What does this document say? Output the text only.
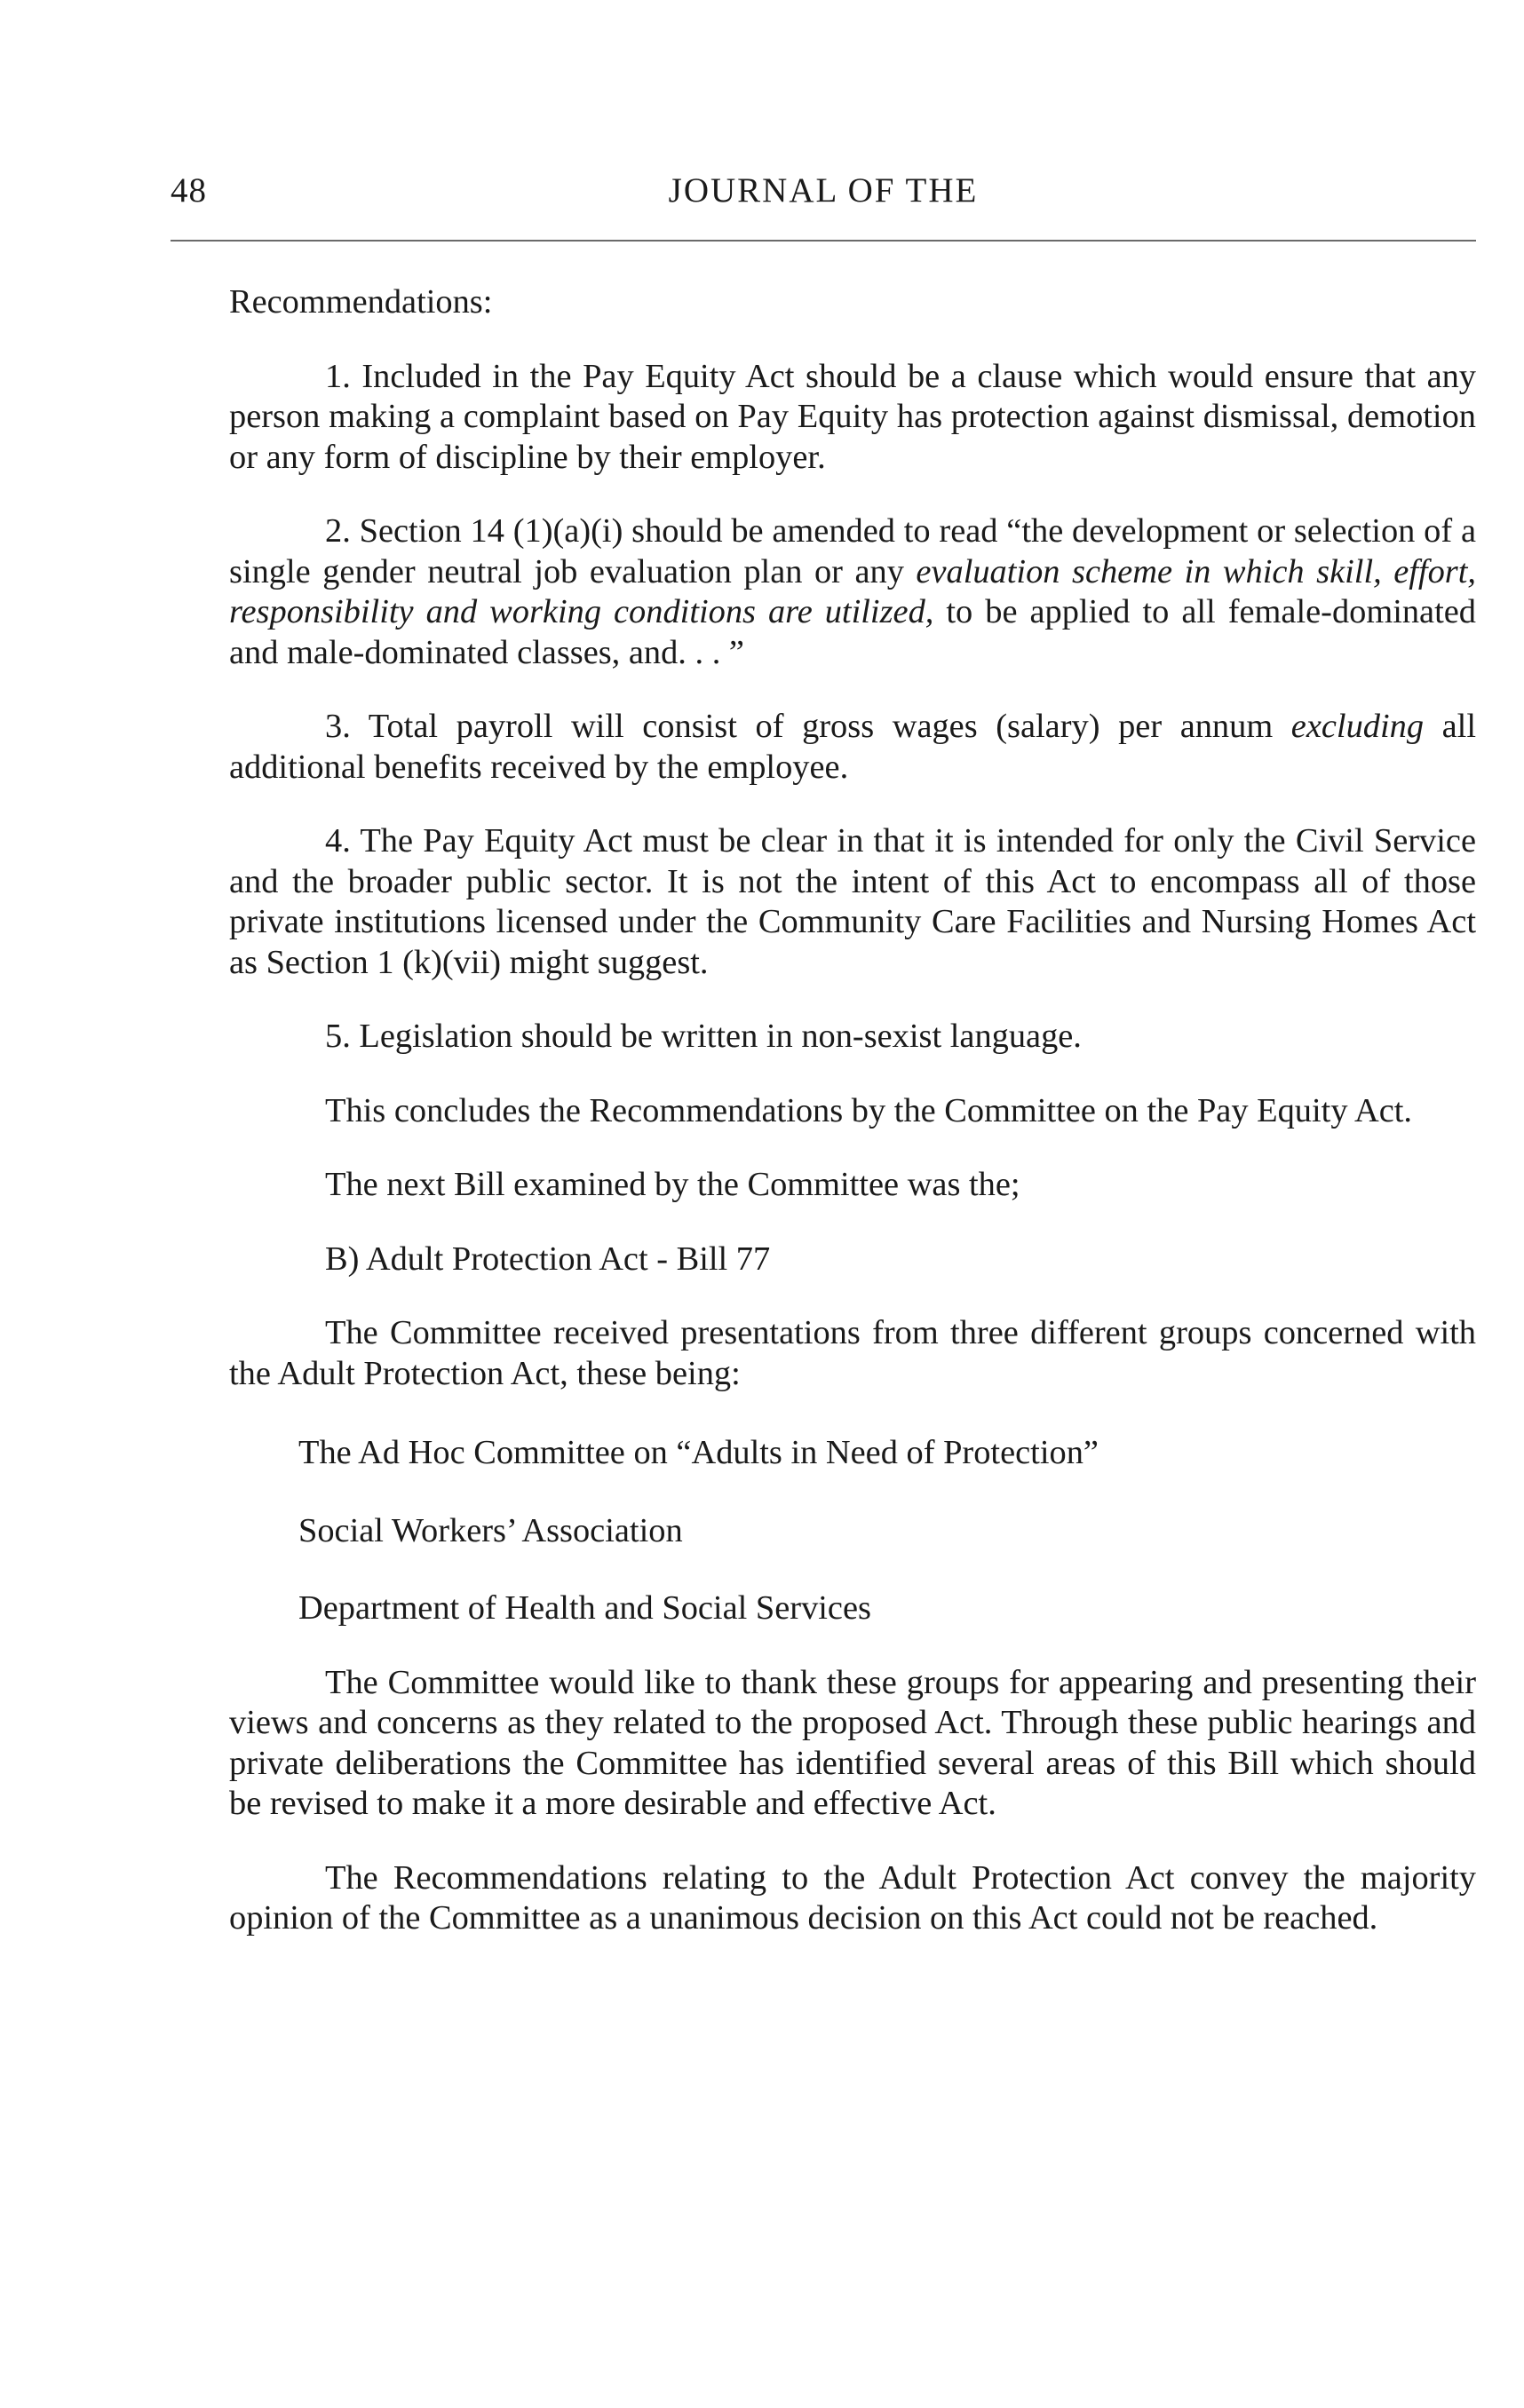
48	JOURNAL OF THE

Recommendations:

1. Included in the Pay Equity Act should be a clause which would ensure that any person making a complaint based on Pay Equity has protection against dismissal, demotion or any form of discipline by their employer.

2. Section 14 (1)(a)(i) should be amended to read “the development or selection of a single gender neutral job evaluation plan or any evaluation scheme in which skill, effort, responsibility and working conditions are utilized, to be applied to all female-dominated and male-dominated classes, and. . . ”

3. Total payroll will consist of gross wages (salary) per annum excluding all additional benefits received by the employee.

4. The Pay Equity Act must be clear in that it is intended for only the Civil Service and the broader public sector. It is not the intent of this Act to encompass all of those private institutions licensed under the Community Care Facilities and Nursing Homes Act as Section 1 (k)(vii) might suggest.

5. Legislation should be written in non-sexist language.

This concludes the Recommendations by the Committee on the Pay Equity Act.

The next Bill examined by the Committee was the;

B) Adult Protection Act - Bill 77

The Committee received presentations from three different groups concerned with the Adult Protection Act, these being:

The Ad Hoc Committee on “Adults in Need of Protection”

Social Workers’ Association

Department of Health and Social Services

The Committee would like to thank these groups for appearing and presenting their views and concerns as they related to the proposed Act. Through these public hearings and private deliberations the Committee has identified several areas of this Bill which should be revised to make it a more desirable and effective Act.

The Recommendations relating to the Adult Protection Act convey the majority opinion of the Committee as a unanimous decision on this Act could not be reached.
